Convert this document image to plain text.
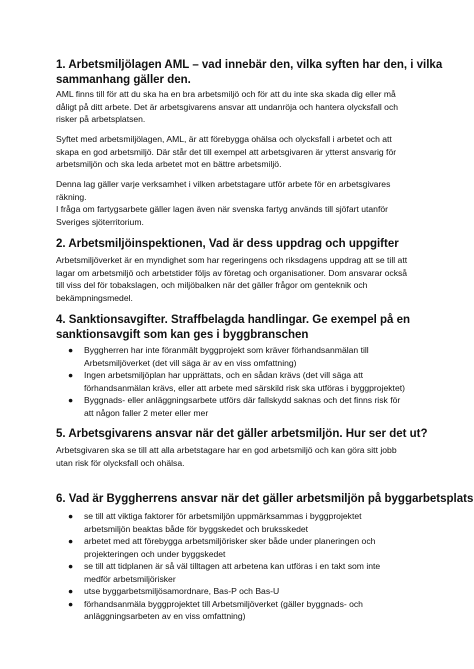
1. Arbetsmiljölagen AML – vad innebär den, vilka syften har den, i vilka
sammanhang gäller den.
AML finns till för att du ska ha en bra arbetsmiljö och för att du inte ska skada dig eller må
dåligt på ditt arbete. Det är arbetsgivarens ansvar att undanröja och hantera olycksfall och
risker på arbetsplatsen.
Syftet med arbetsmiljölagen, AML, är att förebygga ohälsa och olycksfall i arbetet och att
skapa en god arbetsmiljö. Där står det till exempel att arbetsgivaren är ytterst ansvarig för
arbetsmiljön och ska leda arbetet mot en bättre arbetsmiljö.
Denna lag gäller varje verksamhet i vilken arbetstagare utför arbete för en arbetsgivares
räkning.
I fråga om fartygsarbete gäller lagen även när svenska fartyg används till sjöfart utanför
Sveriges sjöterritorium.
2. Arbetsmiljöinspektionen, Vad är dess uppdrag och uppgifter
Arbetsmiljöverket är en myndighet som har regeringens och riksdagens uppdrag att se till att
lagar om arbetsmiljö och arbetstider följs av företag och organisationer. Dom ansvarar också
till viss del för tobakslagen, och miljöbalken när det gäller frågor om genteknik och
bekämpningsmedel.
4. Sanktionsavgifter. Straffbelagda handlingar. Ge exempel på en
sanktionsavgift som kan ges i byggbranschen
● Byggherren har inte föranmält byggprojekt som kräver förhandsanmälan till
Arbetsmiljöverket (det vill säga är av en viss omfattning)
● Ingen arbetsmiljöplan har upprättats, och en sådan krävs (det vill säga att
förhandsanmälan krävs, eller att arbete med särskild risk ska utföras i byggprojektet)
● Byggnads- eller anläggningsarbete utförs där fallskydd saknas och det finns risk för
att någon faller 2 meter eller mer
5. Arbetsgivarens ansvar när det gäller arbetsmiljön. Hur ser det ut?
Arbetsgivaren ska se till att alla arbetstagare har en god arbetsmiljö och kan göra sitt jobb
utan risk för olycksfall och ohälsa.
6. Vad är Byggherrens ansvar när det gäller arbetsmiljön på byggarbetsplats
● se till att viktiga faktorer för arbetsmiljön uppmärksammas i byggprojektet
arbetsmiljön beaktas både för byggskedet och bruksskedet
● arbetet med att förebygga arbetsmiljörisker sker både under planeringen och
projekteringen och under byggskedet
● se till att tidplanen är så väl tilltagen att arbetena kan utföras i en takt som inte
medför arbetsmiljörisker
● utse byggarbetsmiljösamordnare, Bas-P och Bas-U
● förhandsanmäla byggprojektet till Arbetsmiljöverket (gäller byggnads- och
anläggningsarbeten av en viss omfattning)
